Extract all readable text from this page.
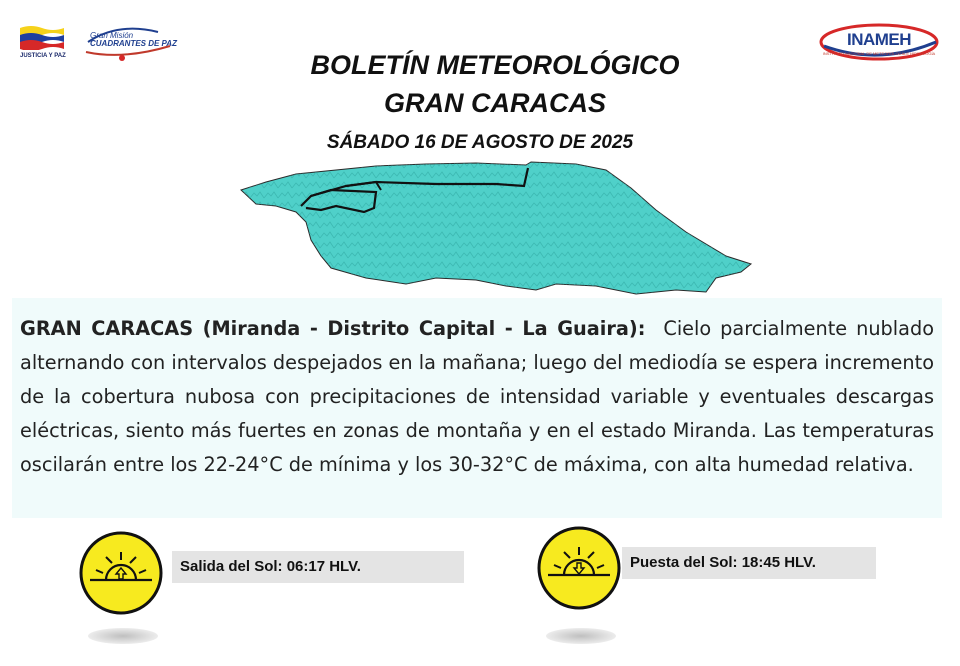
JUSTICIA Y PAZ
Gran Misión
CUADRANTES DE PAZ	INAMEH
INSTITUTO NACIONAL DE METEOROLOGÍA E HIDROLOGÍA
BOLETÍN METEOROLÓGICO
GRAN CARACAS
SÁBADO 16 DE AGOSTO DE 2025
GRAN CARACAS (Miranda - Distrito Capital - La Guaira): Cielo parcialmente nublado alternando con intervalos despejados en la mañana; luego del mediodía se espera incremento de la cobertura nubosa con precipitaciones de intensidad variable y eventuales descargas eléctricas, siento más fuertes en zonas de montaña y en el estado Miranda. Las temperaturas oscilarán entre los 22-24°C de mínima y los 30-32°C de máxima, con alta humedad relativa.
Salida del Sol: 06:17 HLV.	Puesta del Sol: 18:45 HLV.
